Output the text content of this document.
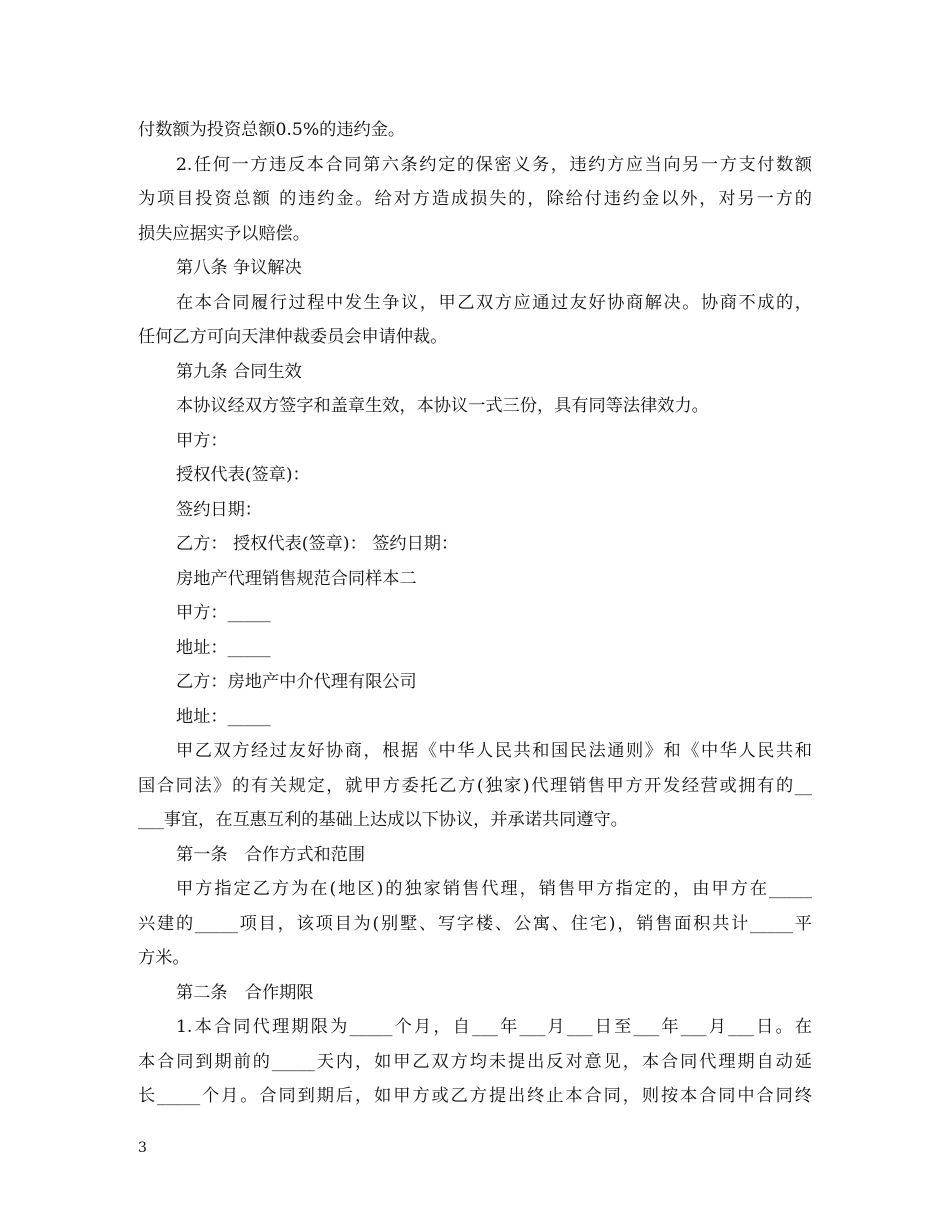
付数额为投资总额0.5%的违约金。
2.任何一方违反本合同第六条约定的保密义务，违约方应当向另一方支付数额
为项目投资总额 的违约金。给对方造成损失的，除给付违约金以外，对另一方的
损失应据实予以赔偿。
第八条 争议解决
在本合同履行过程中发生争议，甲乙双方应通过友好协商解决。协商不成的，
任何乙方可向天津仲裁委员会申请仲裁。
第九条 合同生效
本协议经双方签字和盖章生效，本协议一式三份，具有同等法律效力。
甲方：
授权代表(签章)：
签约日期：
乙方： 授权代表(签章)： 签约日期：
房地产代理销售规范合同样本二
甲方：_____
地址：_____
乙方：房地产中介代理有限公司
地址：_____
甲乙双方经过友好协商，根据《中华人民共和国民法通则》和《中华人民共和
国合同法》的有关规定，就甲方委托乙方(独家)代理销售甲方开发经营或拥有的__
___事宜，在互惠互利的基础上达成以下协议，并承诺共同遵守。
第一条　合作方式和范围
甲方指定乙方为在(地区)的独家销售代理，销售甲方指定的，由甲方在_____
兴建的_____项目，该项目为(别墅、写字楼、公寓、住宅)，销售面积共计_____平
方米。
第二条　合作期限
1.本合同代理期限为_____个月，自___年___月___日至___年___月___日。在
本合同到期前的_____天内，如甲乙双方均未提出反对意见，本合同代理期自动延
长_____个月。合同到期后，如甲方或乙方提出终止本合同，则按本合同中合同终
3
